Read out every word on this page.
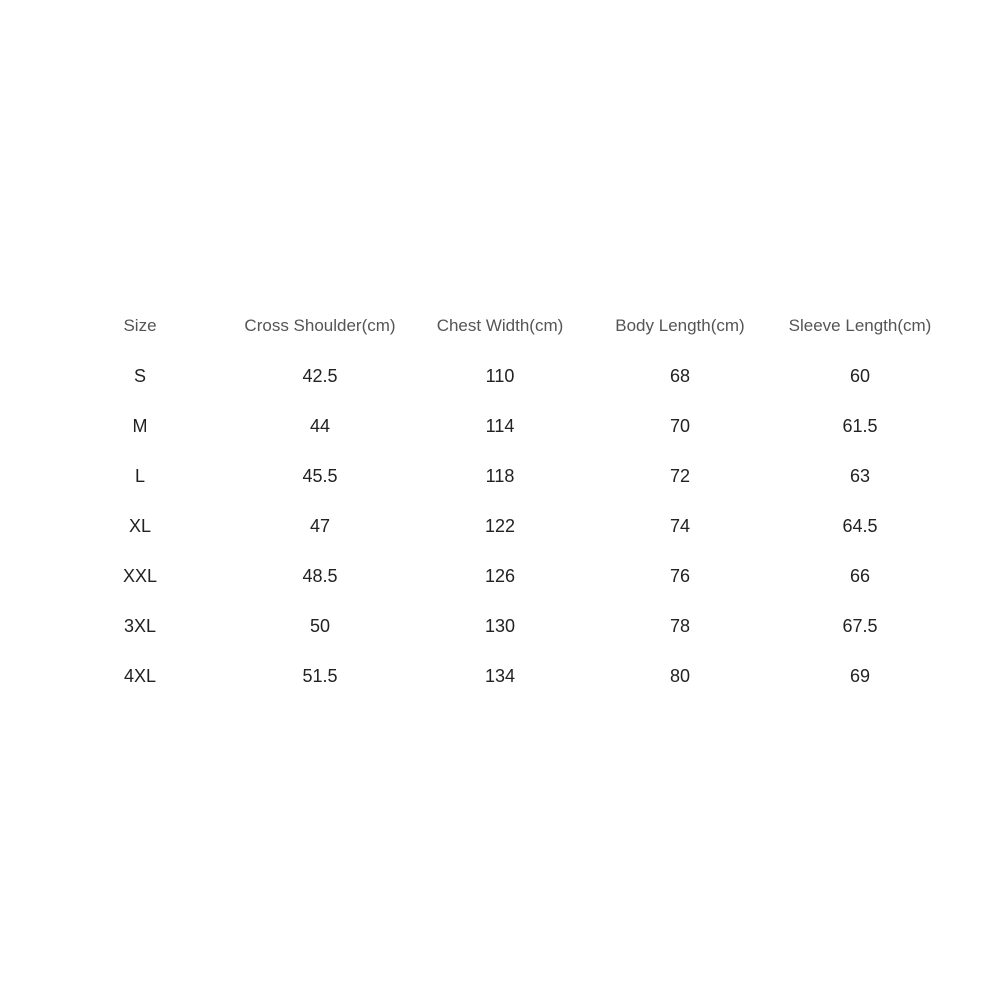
Size	Cross Shoulder(cm)	Chest Width(cm)	Body Length(cm)	Sleeve Length(cm)
S	42.5	110	68	60
M	44	114	70	61.5
L	45.5	118	72	63
XL	47	122	74	64.5
XXL	48.5	126	76	66
3XL	50	130	78	67.5
4XL	51.5	134	80	69
